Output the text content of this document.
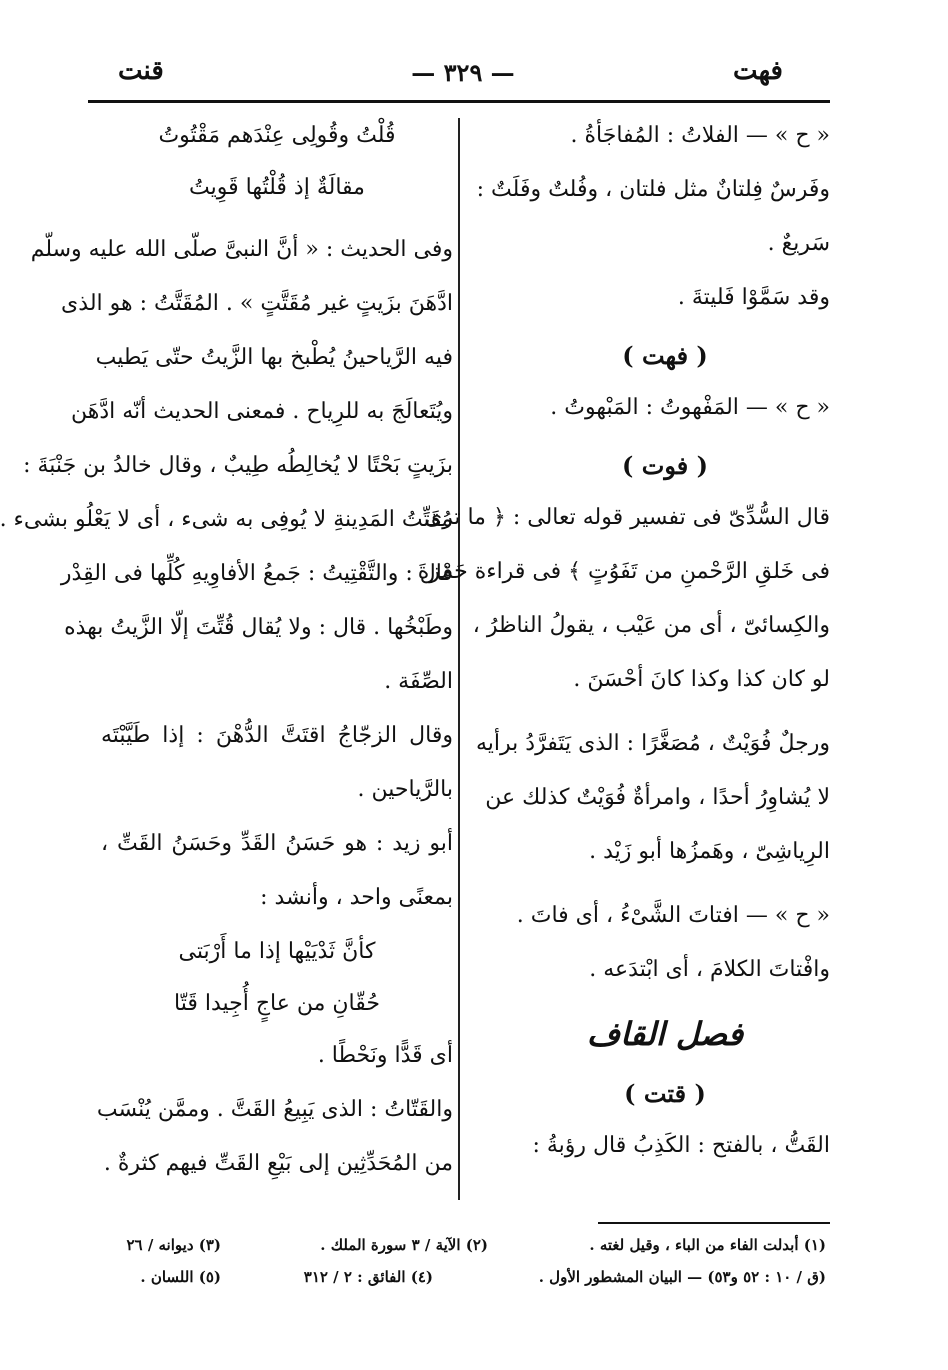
فهت
— ٣٢٩ —
قنت
« ح » — الفلاتُ : المُفاجَأةُ .
وفَرسٌ فِلتانٌ مثل فلتان ، وفُلتٌ وفَلَتٌ :
سَريعٌ .
وقد سَمَّوْا فَليتةَ .
( فهت )
« ح » — المَفْهوتُ : المَبْهوتُ .
( فوت )
قال السُّدِّىّ فى تفسير قوله تعالى : ﴿ ما ترى
فى خَلقِ الرَّحْمنِ من تَفَوُتٍ ﴾ فى قراءة حَمْزةَ
والكِسائىّ ، أى من عَيْب ، يقولُ الناظرُ ،
لو كان كذا وكذا كانَ أحْسَنَ .
ورجلٌ فُوَيْتٌ ، مُصَغَّرًا : الذى يَتَفرَّدُ برأيه
لا يُشاوِرُ أحدًا ، وامرأةٌ فُوَيْتٌ كذلك عن
الرِياشِىّ ، وهَمزُها أبو زَيْد .
« ح » — افتاتَ الشَّىْءُ ، أى فاتَ .
وافْتاتَ الكلامَ ، أى ابْتدَعه .
فصل القاف
( قتت )
القَتُّ ، بالفتح : الكَذِبُ قال رؤبةُ :
قُلْتُ وقُولِى عِنْدَهم مَقْتُوتُ
مقالَةٌ إذ قُلْتُها قَوِيتُ
وفى الحديث : « أنَّ النبىَّ صلّى الله عليه وسلّم
ادَّهَنَ بزَيتٍ غير مُقَتَّتٍ » . المُقَتَّتُ : هو الذى
فيه الرَّياحينُ يُطْبخ بها الزَّيتُ حتّى يَطيب
ويُتَعالَجَ به للرِياح . فمعنى الحديث أنّه ادَّهَن
بزَيتٍ بَحْتًا لا يُخالِطُه طِيبٌ ، وقال خالدُ بن جَنْبَةَ :
مُقَتِّتُ المَدِينةِ لا يُوفِى به شىء ، أى لا يَعْلُو بشىء .
قال : والتَّقْتِيتُ : جَمعُ الأفاوِيهِ كُلِّها فى القِدْر
وطَبْخُها . قال : ولا يُقال قُتِّتَ إلّا الزَّيتُ بهذه
الصِّفَة .
وقال الزجّاجُ اقتَتَّ الدُّهْنَ : إذا طَيَّبْتَه
بالرَّياحين .
أبو زيد : هو حَسَنُ القَدِّ وحَسَنُ القَتِّ ،
بمعنًى واحد ، وأنشد :
كأنَّ ثَدْيَيْها إذا ما أَرْبَتى
حُقّانِ من عاجٍ أُجِيدا قَتّا
أى قَدًّا ونَحْطًا .
والقَتّاتُ : الذى يَبِيعُ القَتَّ . وممَّن يُنْسَب
من المُحَدِّثِين إلى بَيْعِ القَتِّ فيهم كثرةٌ .
(١) أبدلت الفاء من الباء ، وقيل لغته .
(ق / ١٠ : ٥٢ و٥٣) — البيان المشطور الأول .
(٢) الآية / ٣ سورة الملك .
(٤) الفائق : ٢ / ٣١٢
(٣) ديوانه / ٢٦
(٥) اللسان .
